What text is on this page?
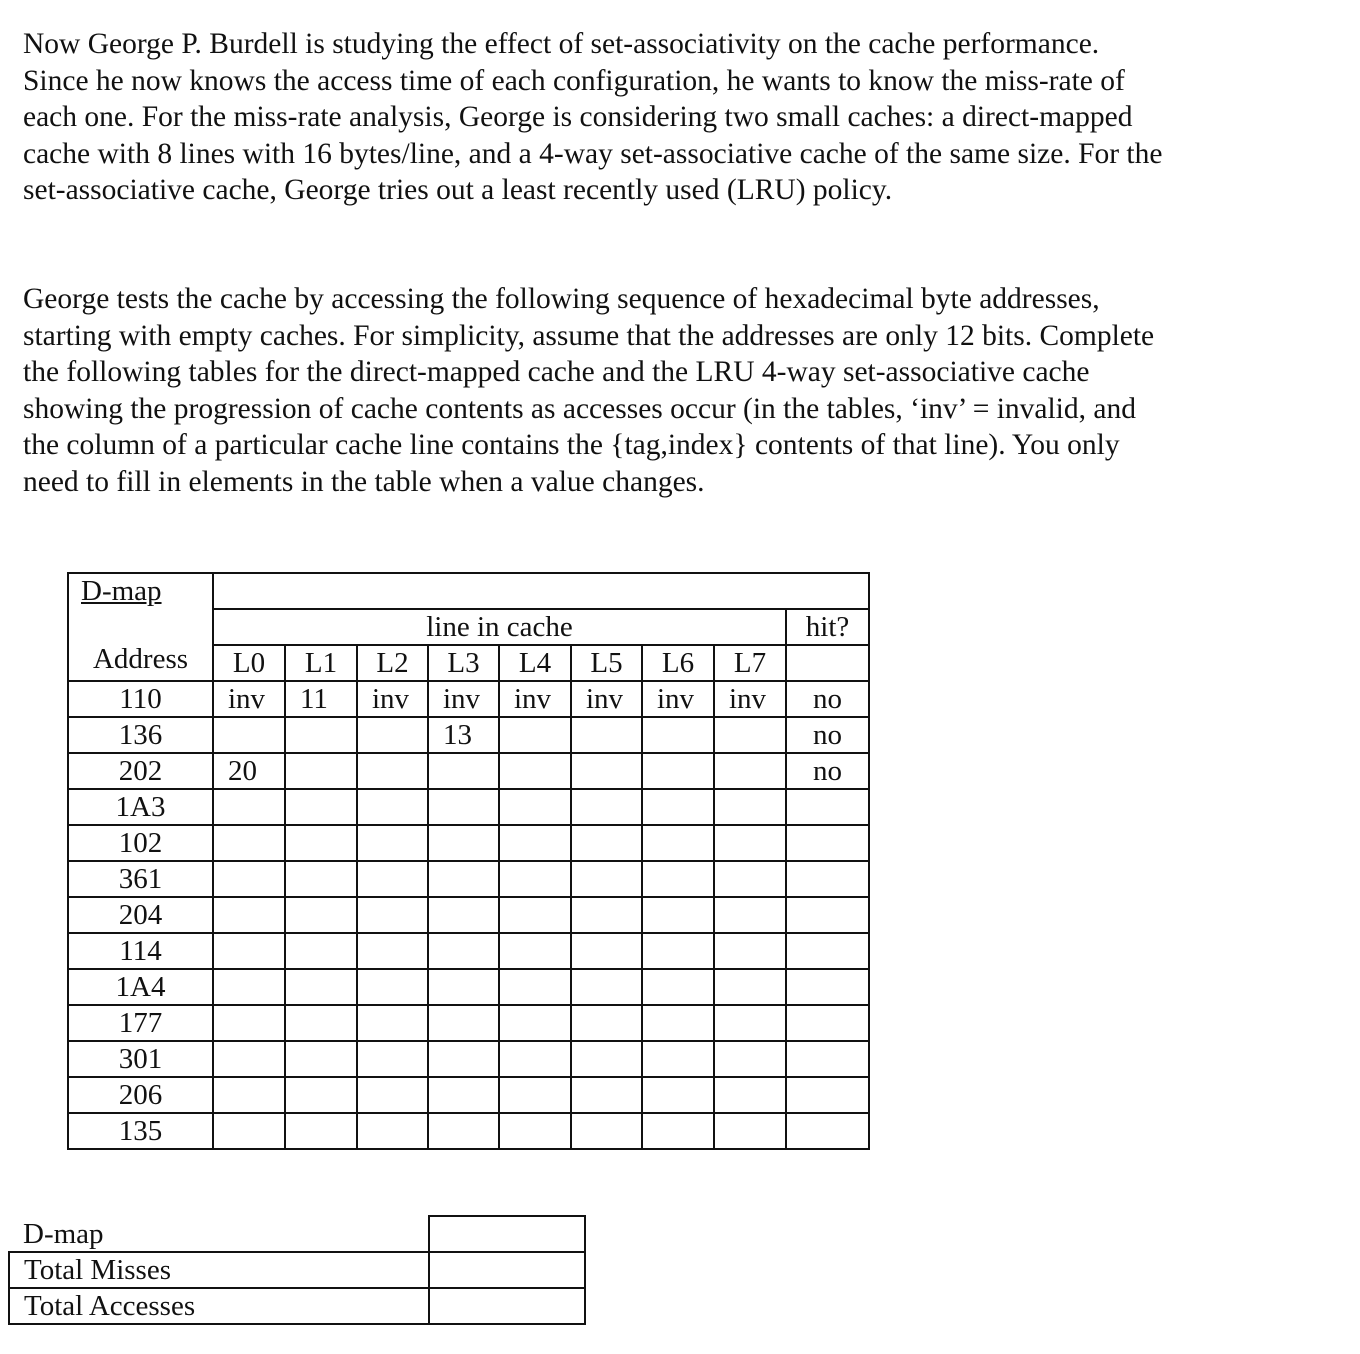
Now George P. Burdell is studying the effect of set-associativity on the cache performance.
Since he now knows the access time of each configuration, he wants to know the miss-rate of
each one. For the miss-rate analysis, George is considering two small caches: a direct-mapped
cache with 8 lines with 16 bytes/line, and a 4-way set-associative cache of the same size. For the
set-associative cache, George tries out a least recently used (LRU) policy.
George tests the cache by accessing the following sequence of hexadecimal byte addresses,
starting with empty caches. For simplicity, assume that the addresses are only 12 bits. Complete
the following tables for the direct-mapped cache and the LRU 4-way set-associative cache
showing the progression of cache contents as accesses occur (in the tables, ‘inv’ = invalid, and
the column of a particular cache line contains the {tag,index} contents of that line). You only
need to fill in elements in the table when a value changes.
D-map
Address									

	line in cache								hit?
	L0	L1	L2	L3	L4	L5	L6	L7	
110	inv	11	inv	inv	inv	inv	inv	inv	no
136				13					no
202	20								no
1A3									
102									
361									
204									
114									
1A4									
177									
301									
206									
135									
D-map	
Total Misses	
Total Accesses	
